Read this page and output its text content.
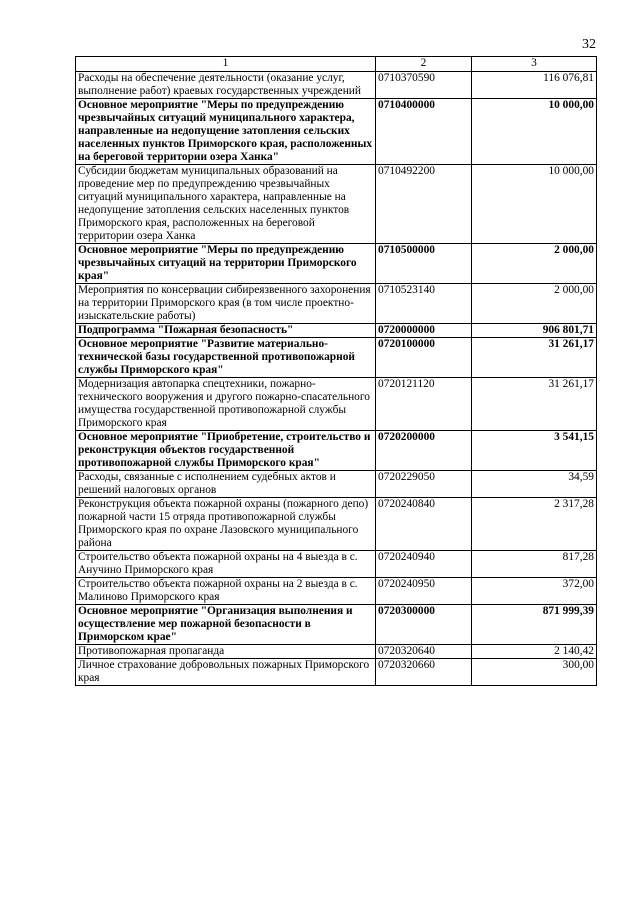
32
1	2	3
Расходы на обеспечение деятельности (оказание услуг, выполнение работ) краевых государственных учреждений	0710370590	116 076,81
Основное мероприятие "Меры по предупреждению чрезвычайных ситуаций муниципального характера, направленные на недопущение затопления сельских населенных пунктов Приморского края, расположенных на береговой территории озера Ханка"	0710400000	10 000,00
Субсидии бюджетам муниципальных образований на проведение мер по предупреждению чрезвычайных ситуаций муниципального характера, направленные на недопущение затопления сельских населенных пунктов Приморского края, расположенных на береговой территории озера Ханка	0710492200	10 000,00
Основное мероприятие "Меры по предупреждению чрезвычайных ситуаций на территории Приморского края"	0710500000	2 000,00
Мероприятия по консервации сибиреязвенного захоронения на территории Приморского края (в том числе проектно-изыскательские работы)	0710523140	2 000,00
Подпрограмма "Пожарная безопасность"	0720000000	906 801,71
Основное мероприятие "Развитие материально-технической базы государственной противопожарной службы Приморского края"	0720100000	31 261,17
Модернизация автопарка спецтехники, пожарно-технического вооружения и другого пожарно-спасательного имущества государственной противопожарной службы Приморского края	0720121120	31 261,17
Основное мероприятие "Приобретение, строительство и реконструкция объектов государственной противопожарной службы Приморского края"	0720200000	3 541,15
Расходы, связанные с исполнением судебных актов и решений налоговых органов	0720229050	34,59
Реконструкция объекта пожарной охраны (пожарного депо) пожарной части 15 отряда противопожарной службы Приморского края по охране Лазовского муниципального района	0720240840	2 317,28
Строительство объекта пожарной охраны на 4 выезда в с. Анучино Приморского края	0720240940	817,28
Строительство объекта пожарной охраны на 2 выезда в с. Малиново Приморского края	0720240950	372,00
Основное мероприятие "Организация выполнения и осуществление мер пожарной безопасности в Приморском крае"	0720300000	871 999,39
Противопожарная пропаганда	0720320640	2 140,42
Личное страхование добровольных пожарных Приморского края	0720320660	300,00
